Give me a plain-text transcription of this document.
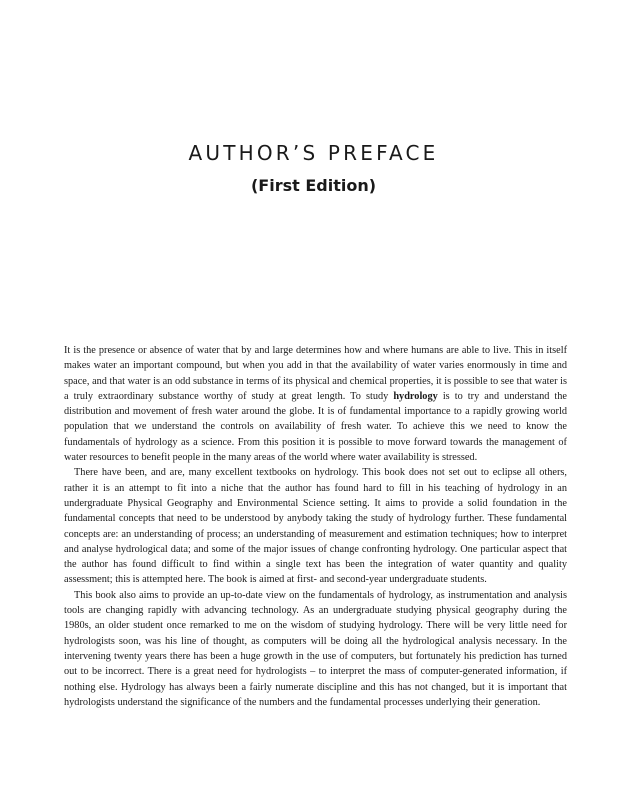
AUTHOR’S PREFACE
(First Edition)

It is the presence or absence of water that by and large determines how and where humans are able to live. This in itself makes water an important compound, but when you add in that the availability of water varies enormously in time and space, and that water is an odd substance in terms of its physical and chemical properties, it is possible to see that water is a truly extraordinary substance worthy of study at great length. To study hydrology is to try and understand the distribution and movement of fresh water around the globe. It is of fundamental importance to a rapidly growing world population that we understand the controls on availability of fresh water. To achieve this we need to know the fundamentals of hydrology as a science. From this position it is possible to move forward towards the management of water resources to benefit people in the many areas of the world where water availability is stressed.

There have been, and are, many excellent textbooks on hydrology. This book does not set out to eclipse all others, rather it is an attempt to fit into a niche that the author has found hard to fill in his teaching of hydrology in an undergraduate Physical Geography and Environmental Science setting. It aims to provide a solid foundation in the fundamental concepts that need to be understood by anybody taking the study of hydrology further. These fundamental concepts are: an understanding of process; an understanding of measurement and estimation techniques; how to interpret and analyse hydrological data; and some of the major issues of change confronting hydrology. One particular aspect that the author has found difficult to find within a single text has been the integration of water quantity and quality assessment; this is attempted here. The book is aimed at first- and second-year undergraduate students.

This book also aims to provide an up-to-date view on the fundamentals of hydrology, as instrumentation and analysis tools are changing rapidly with advancing technology. As an undergraduate studying physical geography during the 1980s, an older student once remarked to me on the wisdom of studying hydrology. There will be very little need for hydrologists soon, was his line of thought, as computers will be doing all the hydrological analysis necessary. In the intervening twenty years there has been a huge growth in the use of computers, but fortunately his prediction has turned out to be incorrect. There is a great need for hydrologists – to interpret the mass of computer-generated information, if nothing else. Hydrology has always been a fairly numerate discipline and this has not changed, but it is important that hydrologists understand the significance of the numbers and the fundamental processes underlying their generation.
